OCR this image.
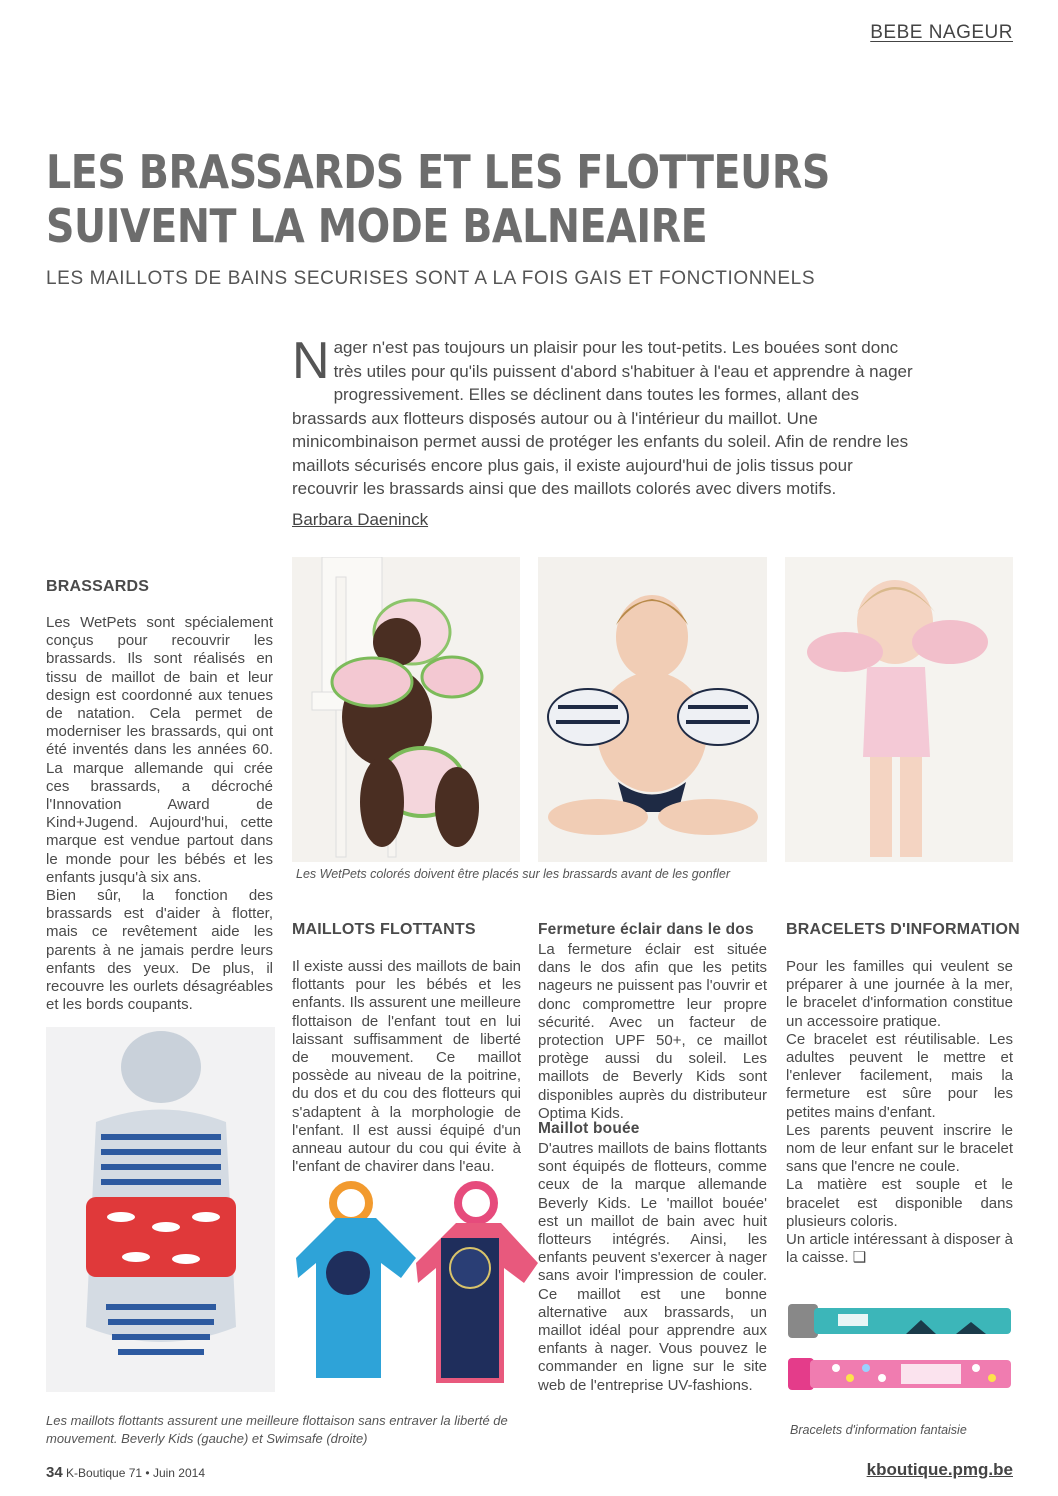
BEBE NAGEUR
LES BRASSARDS ET LES FLOTTEURS
SUIVENT LA MODE BALNEAIRE
LES MAILLOTS DE BAINS SECURISES SONT A LA FOIS GAIS ET FONCTIONNELS
Nager n'est pas toujours un plaisir pour les tout-petits. Les bouées sont donc très utiles pour qu'ils puissent d'abord s'habituer à l'eau et apprendre à nager progressivement. Elles se déclinent dans toutes les formes, allant des brassards aux flotteurs disposés autour ou à l'intérieur du maillot. Une minicombinaison permet aussi de protéger les enfants du soleil. Afin de rendre les maillots sécurisés encore plus gais, il existe aujourd'hui de jolis tissus pour recouvrir les brassards ainsi que des maillots colorés avec divers motifs.
Barbara Daeninck
BRASSARDS
Les WetPets sont spécialement conçus pour recouvrir les brassards. Ils sont réalisés en tissu de maillot de bain et leur design est coordonné aux tenues de natation. Cela permet de moderniser les brassards, qui ont été inventés dans les années 60. La marque allemande qui crée ces brassards, a décroché l'Innovation Award de Kind+Jugend. Aujourd'hui, cette marque est vendue partout dans le monde pour les bébés et les enfants jusqu'à six ans.
Bien sûr, la fonction des brassards est d'aider à flotter, mais ce revêtement aide les parents à ne jamais perdre leurs enfants des yeux. De plus, il recouvre les ourlets désagréables et les bords coupants.
Les WetPets colorés doivent être placés sur les brassards avant de les gonfler
MAILLOTS FLOTTANTS
Il existe aussi des maillots de bain flottants pour les bébés et les enfants. Ils assurent une meilleure flottaison de l'enfant tout en lui laissant suffisamment de liberté de mouvement. Ce maillot possède au niveau de la poitrine, du dos et du cou des flotteurs qui s'adaptent à la morphologie de l'enfant. Il est aussi équipé d'un anneau autour du cou qui évite à l'enfant de chavirer dans l'eau.
Fermeture éclair dans le dos
La fermeture éclair est située dans le dos afin que les petits nageurs ne puissent pas l'ouvrir et donc compromettre leur propre sécurité. Avec un facteur de protection UPF 50+, ce maillot protège aussi du soleil. Les maillots de Beverly Kids sont disponibles auprès du distributeur Optima Kids.
Maillot bouée
D'autres maillots de bains flottants sont équipés de flotteurs, comme ceux de la marque allemande Beverly Kids. Le 'maillot bouée' est un maillot de bain avec huit flotteurs intégrés. Ainsi, les enfants peuvent s'exercer à nager sans avoir l'impression de couler. Ce maillot est une bonne alternative aux brassards, un maillot idéal pour apprendre aux enfants à nager. Vous pouvez le commander en ligne sur le site web de l'entreprise UV-fashions.
BRACELETS D'INFORMATION
Pour les familles qui veulent se préparer à une journée à la mer, le bracelet d'information constitue un accessoire pratique.
Ce bracelet est réutilisable. Les adultes peuvent le mettre et l'enlever facilement, mais la fermeture est sûre pour les petites mains d'enfant.
Les parents peuvent inscrire le nom de leur enfant sur le bracelet sans que l'encre ne coule.
La matière est souple et le bracelet est disponible dans plusieurs coloris.
Un article intéressant à disposer à la caisse. ❑
Bracelets d'information fantaisie
Les maillots flottants assurent une meilleure flottaison sans entraver la liberté de mouvement. Beverly Kids (gauche) et Swimsafe (droite)
34 K-Boutique 71 • Juin 2014	kboutique.pmg.be
